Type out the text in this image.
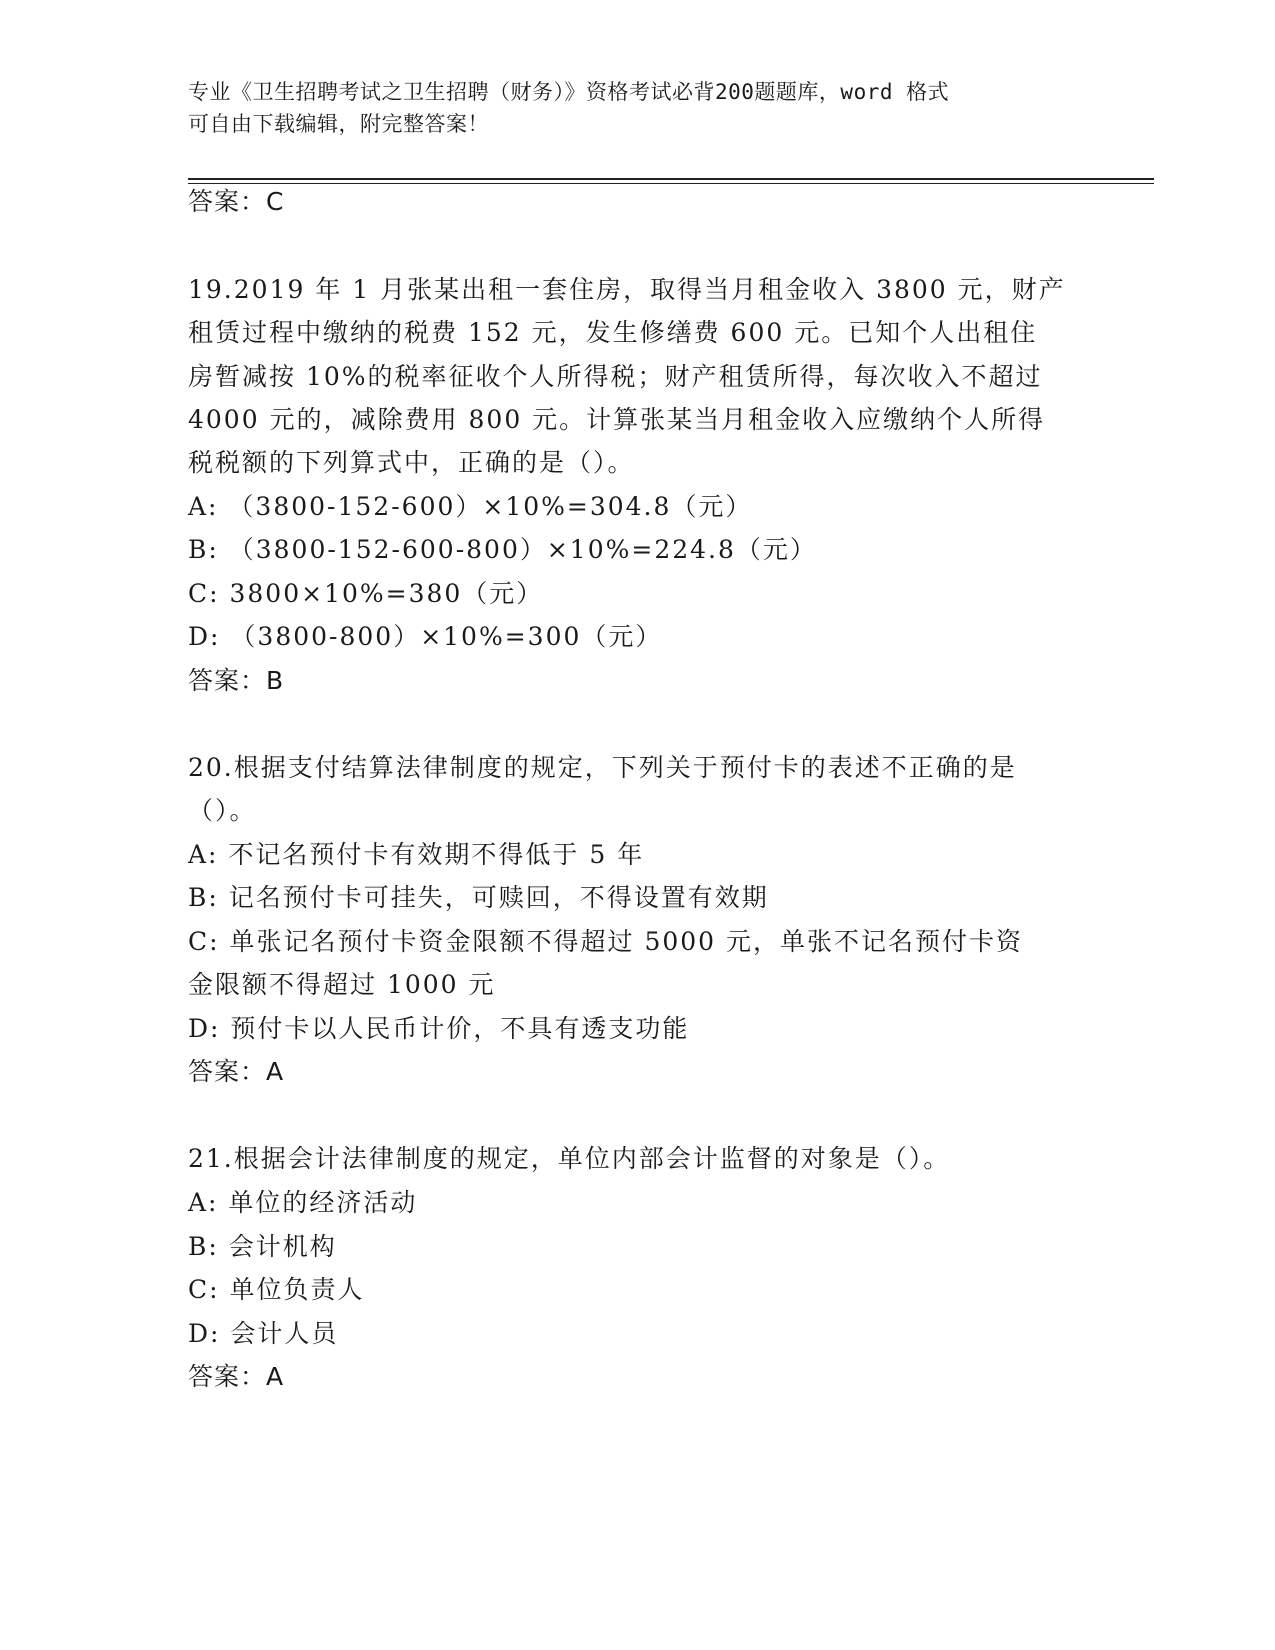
专业《卫生招聘考试之卫生招聘（财务）》资格考试必背200题题库，word 格式
可自由下载编辑，附完整答案！
答案：C
19.2019 年 1 月张某出租一套住房，取得当月租金收入 3800 元，财产
租赁过程中缴纳的税费 152 元，发生修缮费 600 元。已知个人出租住
房暂减按 10%的税率征收个人所得税；财产租赁所得，每次收入不超过
4000 元的，减除费用 800 元。计算张某当月租金收入应缴纳个人所得
税税额的下列算式中，正确的是（）。
A: （3800-152-600）×10%=304.8（元）
B: （3800-152-600-800）×10%=224.8（元）
C: 3800×10%=380（元）
D: （3800-800）×10%=300（元）
答案：B
20.根据支付结算法律制度的规定，下列关于预付卡的表述不正确的是
（）。
A: 不记名预付卡有效期不得低于 5 年
B: 记名预付卡可挂失，可赎回，不得设置有效期
C: 单张记名预付卡资金限额不得超过 5000 元，单张不记名预付卡资
金限额不得超过 1000 元
D: 预付卡以人民币计价，不具有透支功能
答案：A
21.根据会计法律制度的规定，单位内部会计监督的对象是（）。
A: 单位的经济活动
B: 会计机构
C: 单位负责人
D: 会计人员
答案：A
